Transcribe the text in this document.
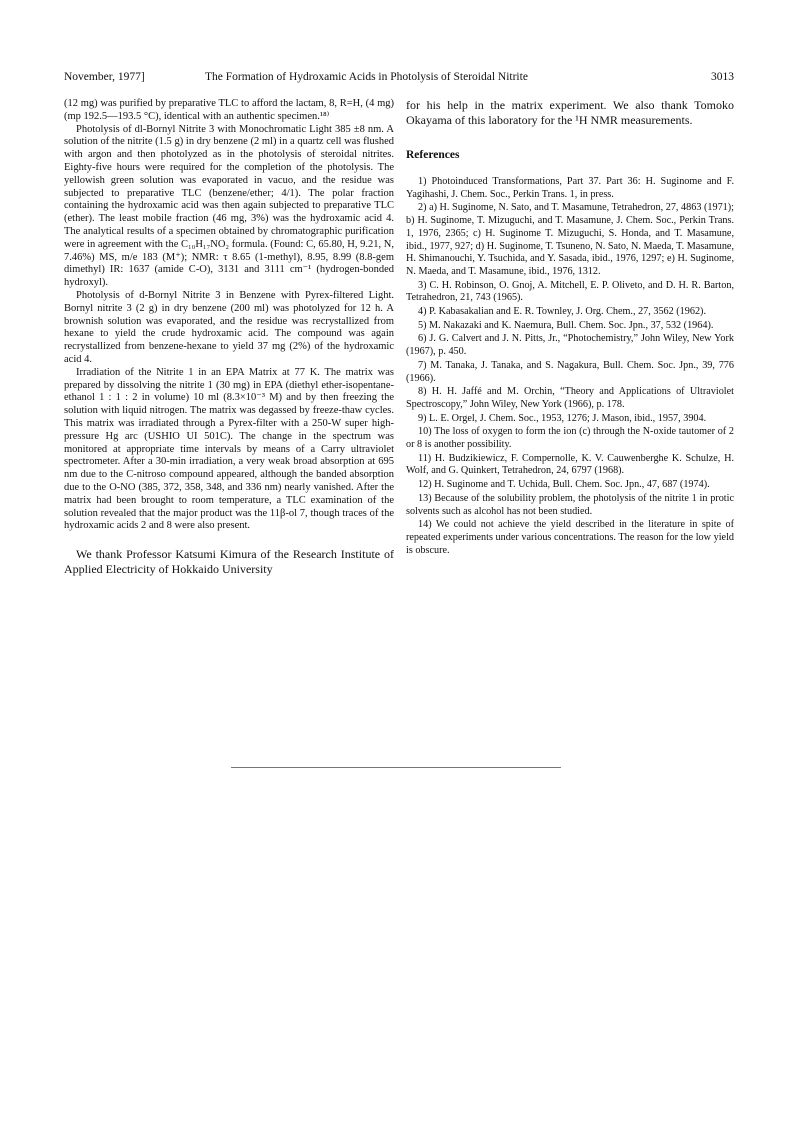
November, 1977]	The Formation of Hydroxamic Acids in Photolysis of Steroidal Nitrite	3013

(12 mg) was purified by preparative TLC to afford the lactam, 8, R=H, (4 mg) (mp 192.5—193.5 °C), identical with an authentic specimen.¹⁸⁾

Photolysis of dl-Bornyl Nitrite 3 with Monochromatic Light 385 ±8 nm. A solution of the nitrite (1.5 g) in dry benzene (2 ml) in a quartz cell was flushed with argon and then photolyzed as in the photolysis of steroidal nitrites. Eighty-five hours were required for the completion of the photolysis. The yellowish green solution was evaporated in vacuo, and the residue was subjected to preparative TLC (benzene/ether; 4/1). The polar fraction containing the hydroxamic acid was then again subjected to preparative TLC (ether). The least mobile fraction (46 mg, 3%) was the hydroxamic acid 4. The analytical results of a specimen obtained by chromatographic purification were in agreement with the C₁₀H₁₇NO₂ formula. (Found: C, 65.80, H, 9.21, N, 7.46%) MS, m/e 183 (M⁺); NMR: τ 8.65 (1-methyl), 8.95, 8.99 (8.8-gem dimethyl) IR: 1637 (amide C-O), 3131 and 3111 cm⁻¹ (hydrogen-bonded hydroxyl).

Photolysis of d-Bornyl Nitrite 3 in Benzene with Pyrex-filtered Light. Bornyl nitrite 3 (2 g) in dry benzene (200 ml) was photolyzed for 12 h. A brownish solution was evaporated, and the residue was recrystallized from hexane to yield the crude hydroxamic acid. The compound was again recrystallized from benzene-hexane to yield 37 mg (2%) of the hydroxamic acid 4.

Irradiation of the Nitrite 1 in an EPA Matrix at 77 K. The matrix was prepared by dissolving the nitrite 1 (30 mg) in EPA (diethyl ether-isopentane-ethanol 1 : 1 : 2 in volume) 10 ml (8.3×10⁻³ M) and by then freezing the solution with liquid nitrogen. The matrix was degassed by freeze-thaw cycles. This matrix was irradiated through a Pyrex-filter with a 250-W super high-pressure Hg arc (USHIO UI 501C). The change in the spectrum was monitored at appropriate time intervals by means of a Carry ultraviolet spectrometer. After a 30-min irradiation, a very weak broad absorption at 695 nm due to the C-nitroso compound appeared, although the banded absorption due to the O-NO (385, 372, 358, 348, and 336 nm) nearly vanished. After the matrix had been brought to room temperature, a TLC examination of the solution revealed that the major product was the 11β-ol 7, though traces of the hydroxamic acids 2 and 8 were also present.

We thank Professor Katsumi Kimura of the Research Institute of Applied Electricity of Hokkaido University

for his help in the matrix experiment. We also thank Tomoko Okayama of this laboratory for the ¹H NMR measurements.

References

1) Photoinduced Transformations, Part 37. Part 36: H. Suginome and F. Yagihashi, J. Chem. Soc., Perkin Trans. 1, in press.

2) a) H. Suginome, N. Sato, and T. Masamune, Tetrahedron, 27, 4863 (1971); b) H. Suginome, T. Mizuguchi, and T. Masamune, J. Chem. Soc., Perkin Trans. 1, 1976, 2365; c) H. Suginome T. Mizuguchi, S. Honda, and T. Masamune, ibid., 1977, 927; d) H. Suginome, T. Tsuneno, N. Sato, N. Maeda, T. Masamune, H. Shimanouchi, Y. Tsuchida, and Y. Sasada, ibid., 1976, 1297; e) H. Suginome, N. Maeda, and T. Masamune, ibid., 1976, 1312.

3) C. H. Robinson, O. Gnoj, A. Mitchell, E. P. Oliveto, and D. H. R. Barton, Tetrahedron, 21, 743 (1965).

4) P. Kabasakalian and E. R. Townley, J. Org. Chem., 27, 3562 (1962).

5) M. Nakazaki and K. Naemura, Bull. Chem. Soc. Jpn., 37, 532 (1964).

6) J. G. Calvert and J. N. Pitts, Jr., “Photochemistry,” John Wiley, New York (1967), p. 450.

7) M. Tanaka, J. Tanaka, and S. Nagakura, Bull. Chem. Soc. Jpn., 39, 776 (1966).

8) H. H. Jaffé and M. Orchin, “Theory and Applications of Ultraviolet Spectroscopy,” John Wiley, New York (1966), p. 178.

9) L. E. Orgel, J. Chem. Soc., 1953, 1276; J. Mason, ibid., 1957, 3904.

10) The loss of oxygen to form the ion (c) through the N-oxide tautomer of 2 or 8 is another possibility.

11) H. Budzikiewicz, F. Compernolle, K. V. Cauwenberghe K. Schulze, H. Wolf, and G. Quinkert, Tetrahedron, 24, 6797 (1968).

12) H. Suginome and T. Uchida, Bull. Chem. Soc. Jpn., 47, 687 (1974).

13) Because of the solubility problem, the photolysis of the nitrite 1 in protic solvents such as alcohol has not been studied.

14) We could not achieve the yield described in the literature in spite of repeated experiments under various concentrations. The reason for the low yield is obscure.
